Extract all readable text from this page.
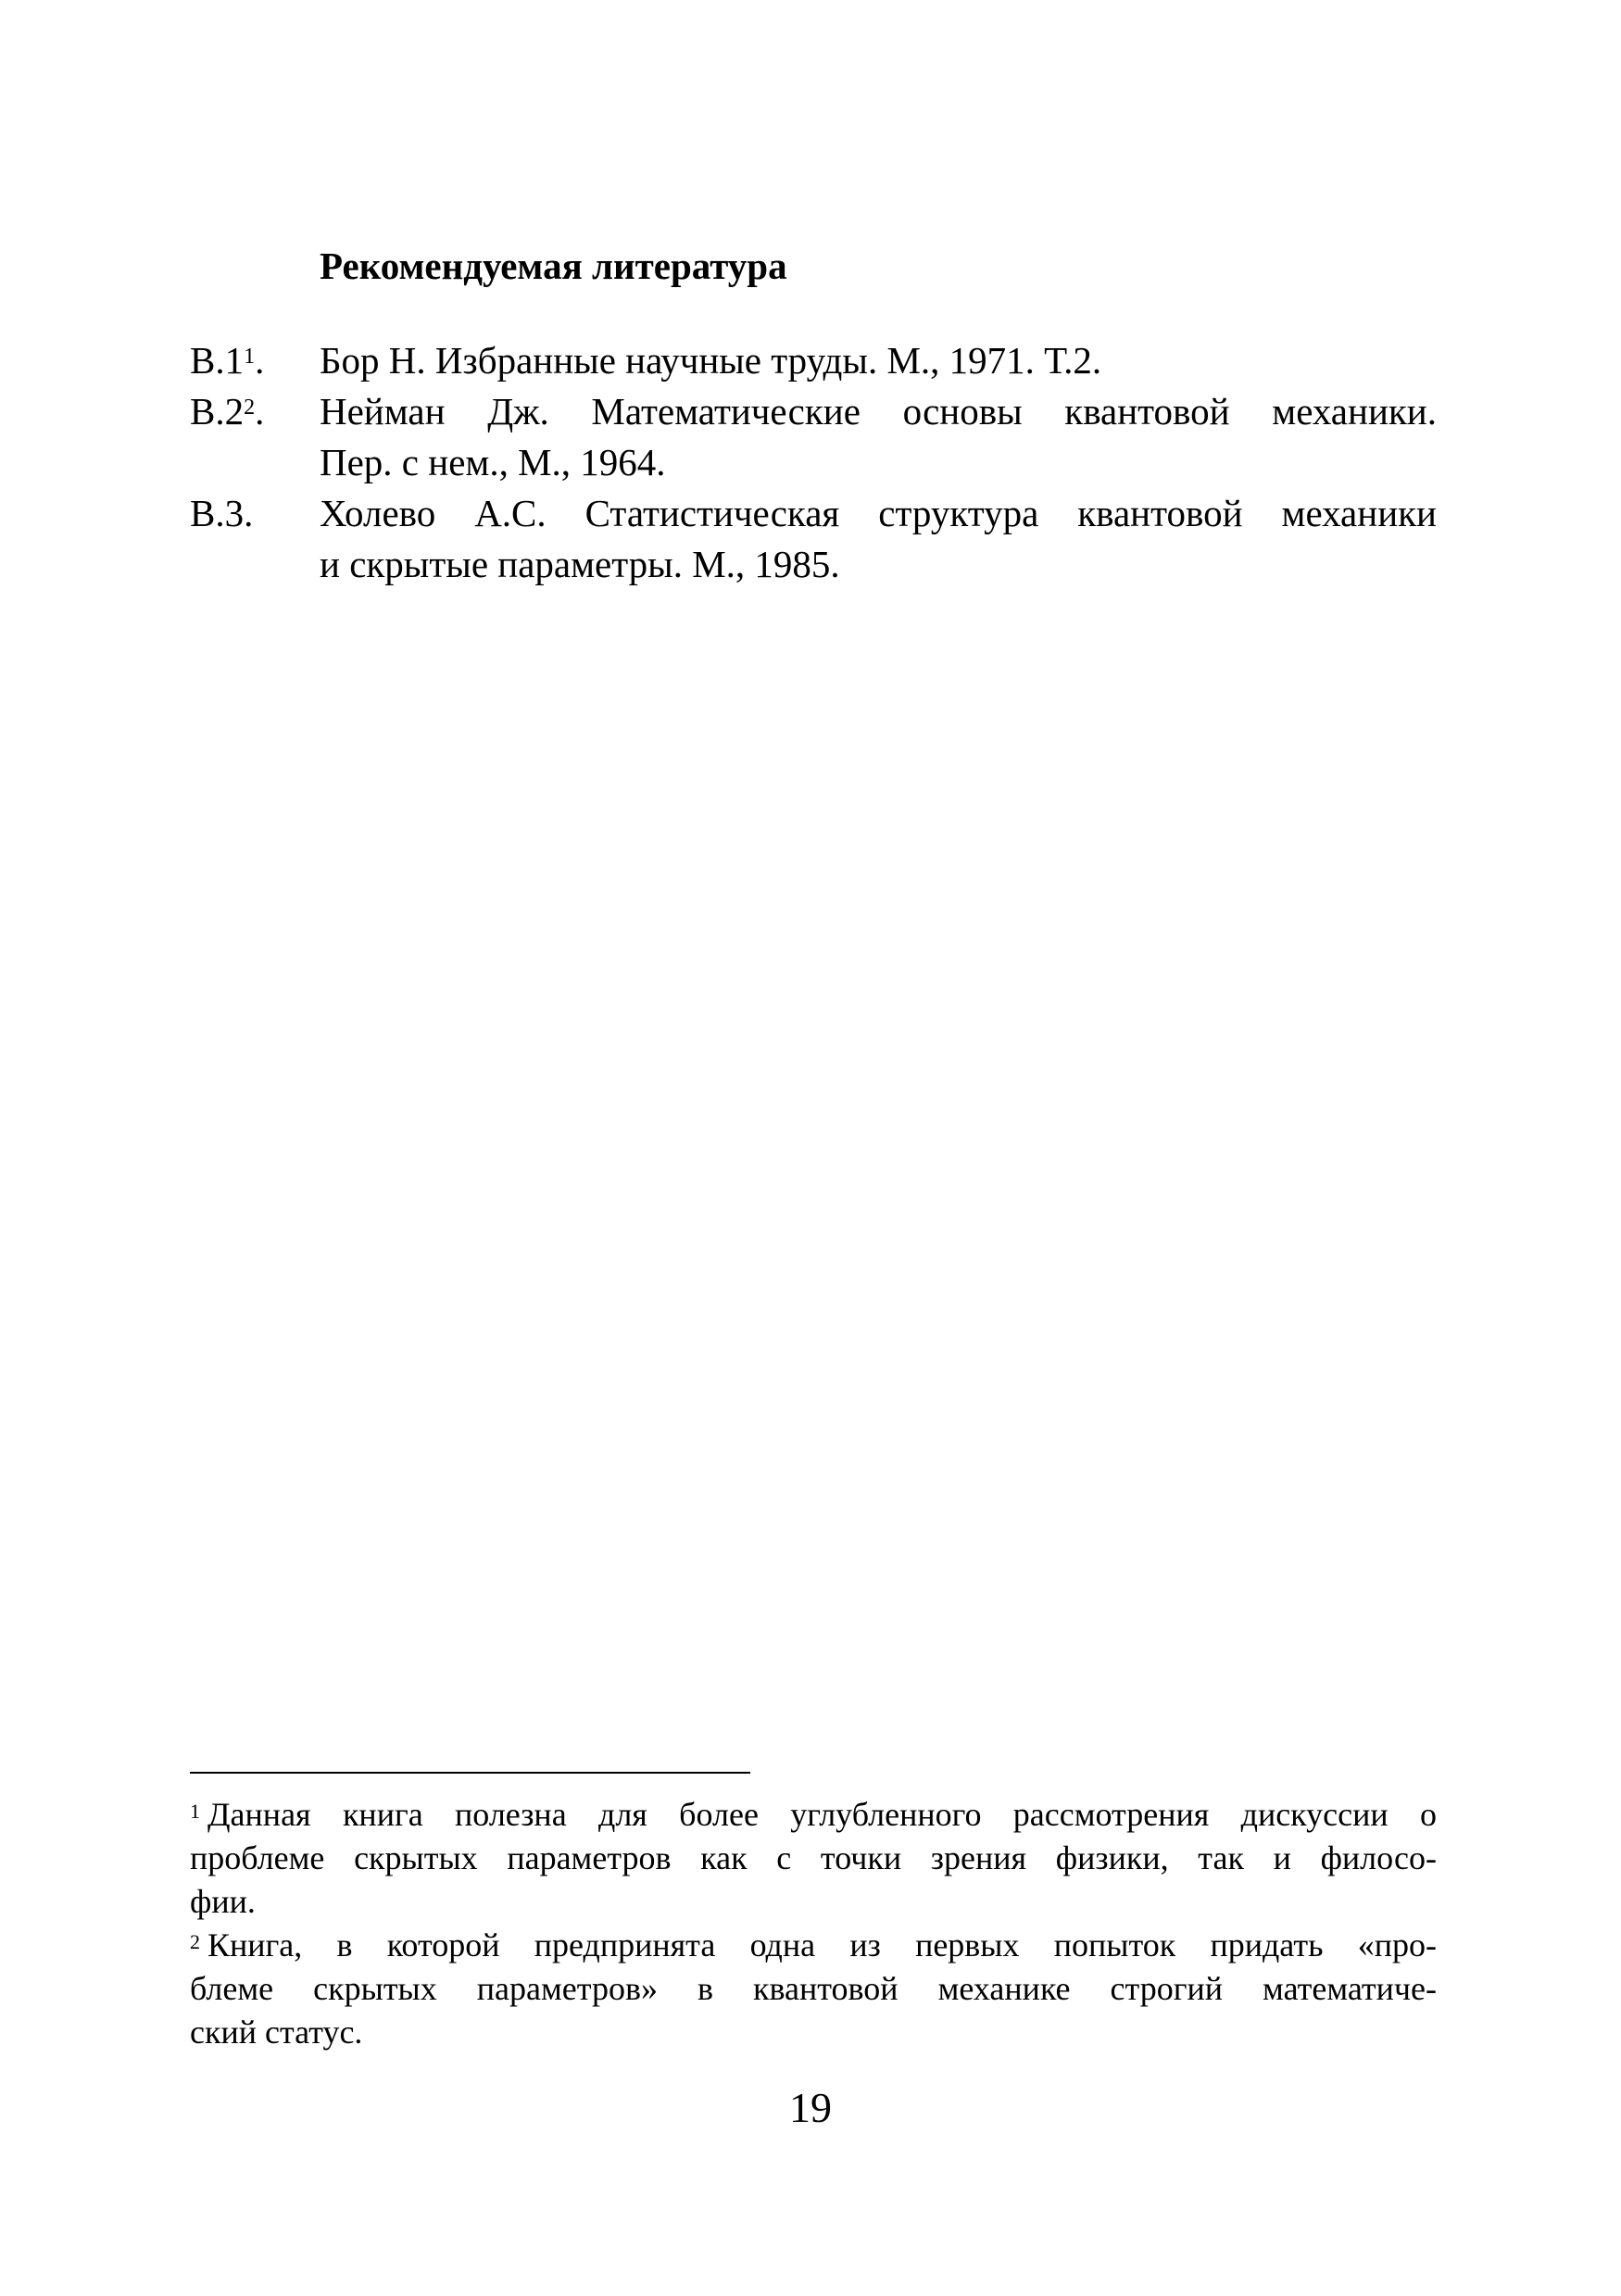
Рекомендуемая литература
$В.1^1$.	Бор Н. Избранные научные труды. М., 1971. Т.2.
$В.2^2$.	Нейман Дж. Математические основы квантовой механики.
Пер. с нем., М., 1964.
В.3.	Холево А.С. Статистическая структура квантовой механики
и скрытые параметры. М., 1985.
$^1$ Данная книга полезна для более углубленного рассмотрения дискуссии о
проблеме скрытых параметров как с точки зрения физики, так и филосо-
фии.
$^2$ Книга, в которой предпринята одна из первых попыток придать «про-
блеме скрытых параметров» в квантовой механике строгий математиче-
ский статус.
19
